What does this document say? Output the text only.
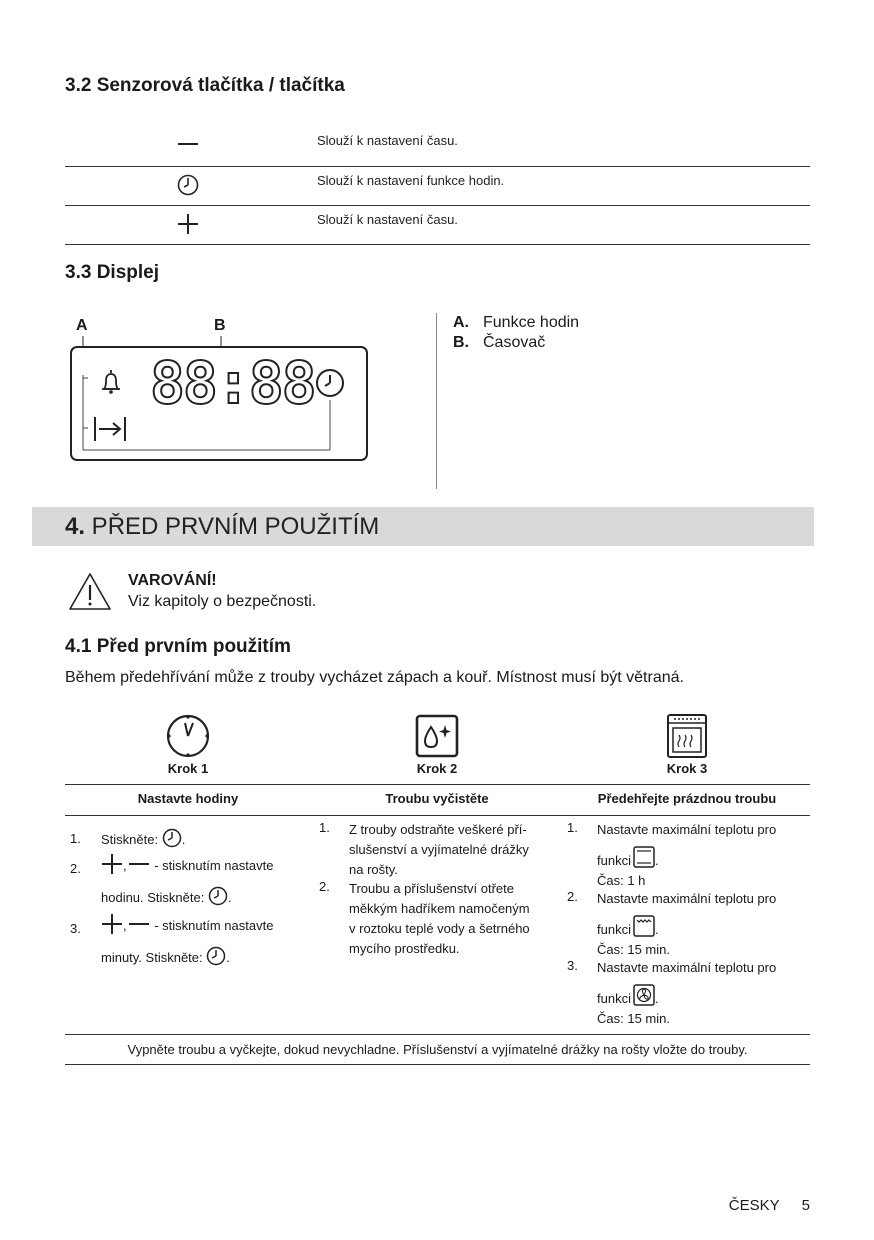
3.2 Senzorová tlačítka / tlačítka
Slouží k nastavení času.
Slouží k nastavení funkce hodin.
Slouží k nastavení času.
3.3 Displej
A	B
88:88
A. Funkce hodin
B. Časovač
4. PŘED PRVNÍM POUŽITÍM
VAROVÁNÍ!
Viz kapitoly o bezpečnosti.
4.1 Před prvním použitím
Během předehřívání může z trouby vycházet zápach a kouř. Místnost musí být větraná.
Krok 1	Krok 2	Krok 3
Nastavte hodiny	Troubu vyčistěte	Předehřejte prázdnou troubu
1. Stiskněte: .
2.	, - stisknutím nastavte
hodinu. Stiskněte: .
3.	, - stisknutím nastavte
minuty. Stiskněte: .
1. Z trouby odstraňte veškeré pří-
slušenství a vyjímatelné drážky
na rošty.
2. Troubu a příslušenství otřete
měkkým hadříkem namočeným
v roztoku teplé vody a šetrného
mycího prostředku.
1. Nastavte maximální teplotu pro
funkci .
Čas: 1 h
2. Nastavte maximální teplotu pro
funkci .
Čas: 15 min.
3. Nastavte maximální teplotu pro
funkci .
Čas: 15 min.
Vypněte troubu a vyčkejte, dokud nevychladne. Příslušenství a vyjímatelné drážky na rošty vložte do trouby.
ČESKY 5
